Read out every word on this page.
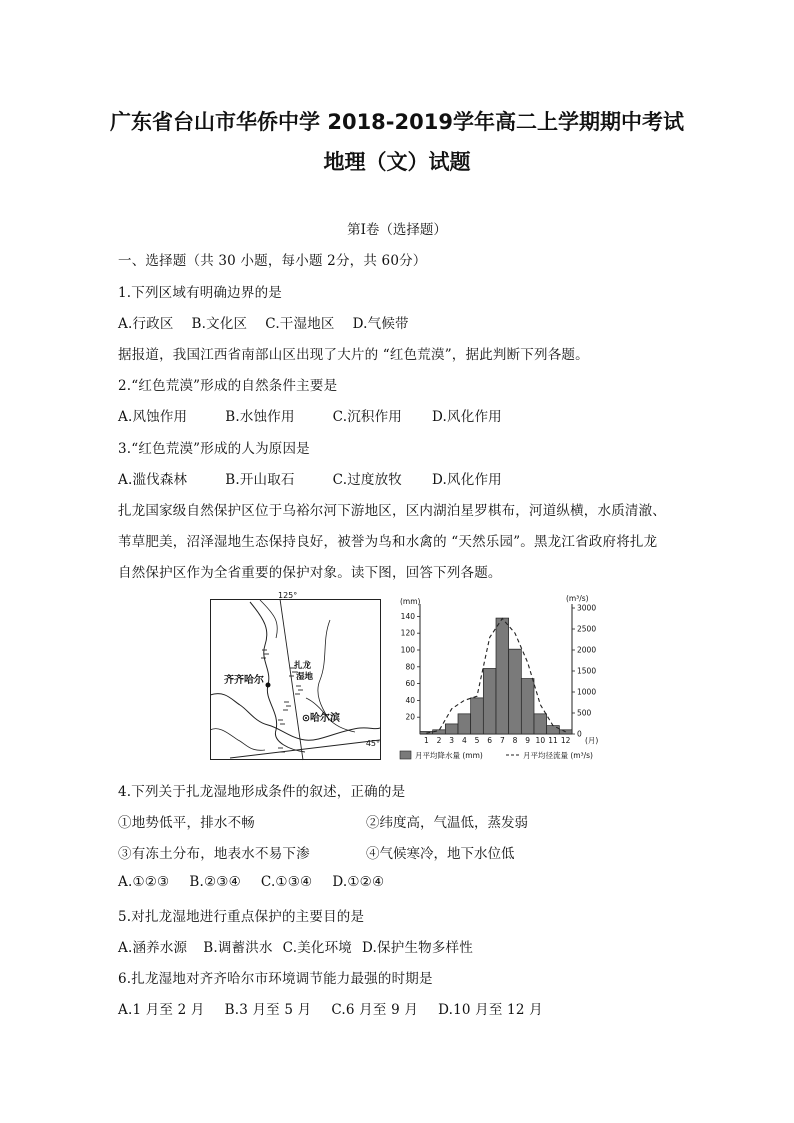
广东省台山市华侨中学 2018-2019学年高二上学期期中考试
地理（文）试题
第Ⅰ卷（选择题）
一、选择题（共 30 小题，每小题 2分，共 60分）
1.下列区域有明确边界的是
A.行政区 B.文化区 C.干湿地区 D.气候带
据报道，我国江西省南部山区出现了大片的 “红色荒漠”，据此判断下列各题。
2.“红色荒漠”形成的自然条件主要是
A.风蚀作用	B.水蚀作用	C.沉积作用 D.风化作用
3.“红色荒漠”形成的人为原因是
A.滥伐森林	B.开山取石	C.过度放牧 D.风化作用
扎龙国家级自然保护区位于乌裕尔河下游地区，区内湖泊星罗棋布，河道纵横，水质清澈、
苇草肥美，沼泽湿地生态保持良好，被誉为鸟和水禽的 “天然乐园”。黑龙江省政府将扎龙
自然保护区作为全省重要的保护对象。读下图，回答下列各题。
125°
45°
齐齐哈尔
扎龙
湿地
哈尔滨
(mm)	(m³/s)
20
40
60
80
100
120
140
0
500
1000
1500
2000
2500
3000
1 2 3 4 5 6 7 8 9 10 11 12 (月)
月平均降水量 (mm)	月平均径流量 (m³/s)
4.下列关于扎龙湿地形成条件的叙述，正确的是
①地势低平，排水不畅	②纬度高，气温低，蒸发弱
③有冻土分布，地表水不易下渗	④气候寒冷，地下水位低
A.①②③ B.②③④ C.①③④ D.①②④
5.对扎龙湿地进行重点保护的主要目的是
A.涵养水源 B.调蓄洪水 C.美化环境 D.保护生物多样性
6.扎龙湿地对齐齐哈尔市环境调节能力最强的时期是
A.1 月至 2 月 B.3 月至 5 月 C.6 月至 9 月 D.10 月至 12 月
